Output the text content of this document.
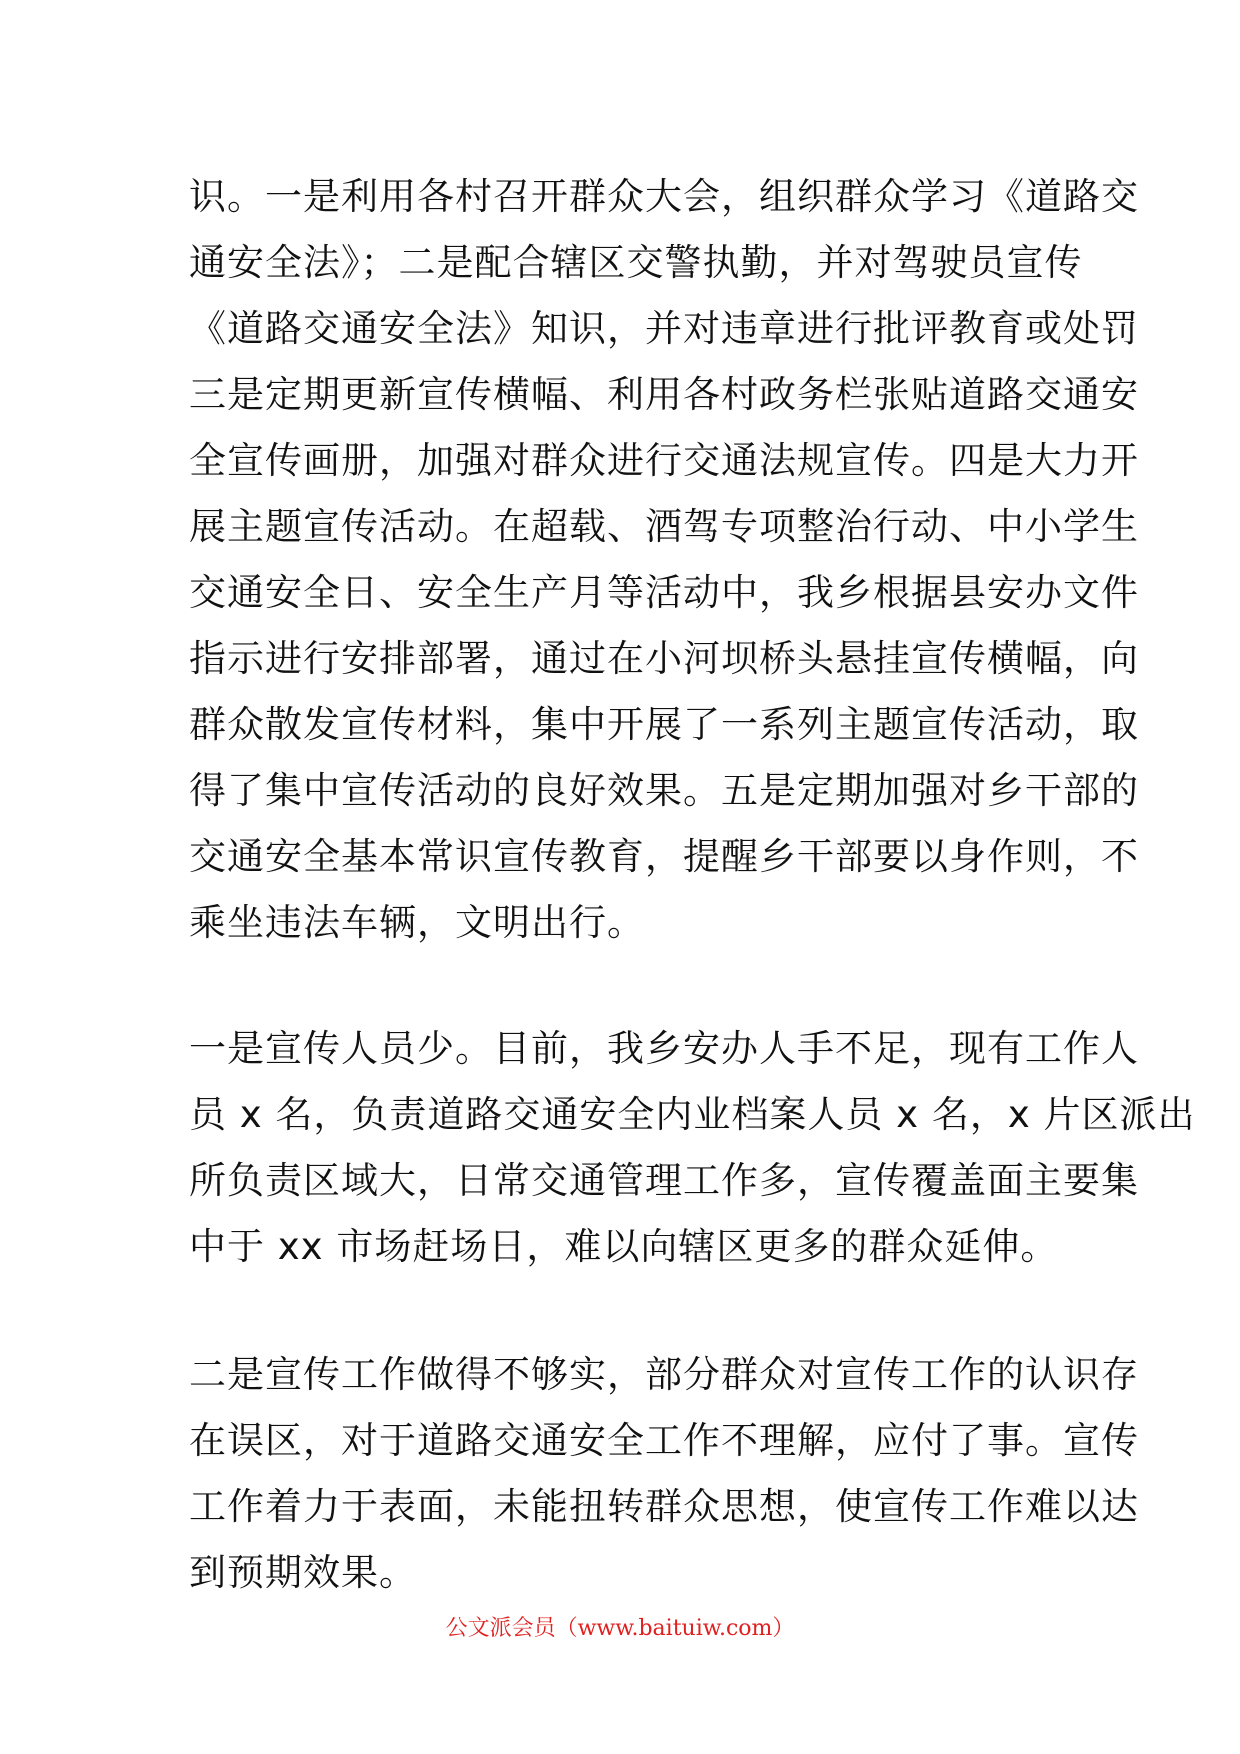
识。一是利用各村召开群众大会，组织群众学习《道路交
通安全法》；二是配合辖区交警执勤，并对驾驶员宣传
《道路交通安全法》知识，并对违章进行批评教育或处罚
三是定期更新宣传横幅、利用各村政务栏张贴道路交通安
全宣传画册，加强对群众进行交通法规宣传。四是大力开
展主题宣传活动。在超载、酒驾专项整治行动、中小学生
交通安全日、安全生产月等活动中，我乡根据县安办文件
指示进行安排部署，通过在小河坝桥头悬挂宣传横幅，向
群众散发宣传材料，集中开展了一系列主题宣传活动，取
得了集中宣传活动的良好效果。五是定期加强对乡干部的
交通安全基本常识宣传教育，提醒乡干部要以身作则，不
乘坐违法车辆，文明出行。
一是宣传人员少。目前，我乡安办人手不足，现有工作人
员 x 名，负责道路交通安全内业档案人员 x 名，x 片区派出
所负责区域大，日常交通管理工作多，宣传覆盖面主要集
中于 xx 市场赶场日，难以向辖区更多的群众延伸。
二是宣传工作做得不够实，部分群众对宣传工作的认识存
在误区，对于道路交通安全工作不理解，应付了事。宣传
工作着力于表面，未能扭转群众思想，使宣传工作难以达
到预期效果。
公文派会员（www.baituiw.com）
